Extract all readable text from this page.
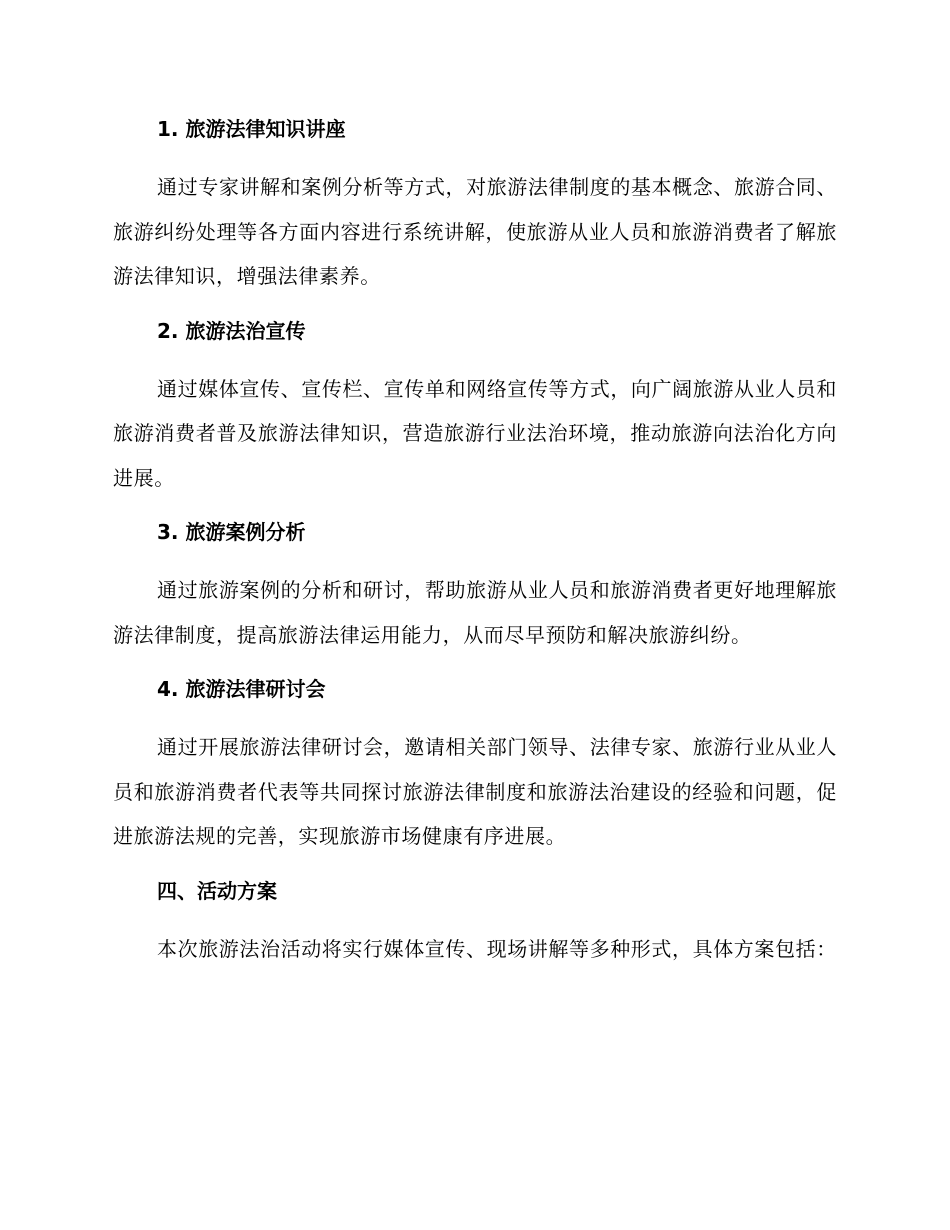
1. 旅游法律知识讲座

通过专家讲解和案例分析等方式，对旅游法律制度的基本概念、旅游合同、旅游纠纷处理等各方面内容进行系统讲解，使旅游从业人员和旅游消费者了解旅游法律知识，增强法律素养。

2. 旅游法治宣传

通过媒体宣传、宣传栏、宣传单和网络宣传等方式，向广阔旅游从业人员和旅游消费者普及旅游法律知识，营造旅游行业法治环境，推动旅游向法治化方向进展。

3. 旅游案例分析

通过旅游案例的分析和研讨，帮助旅游从业人员和旅游消费者更好地理解旅游法律制度，提高旅游法律运用能力，从而尽早预防和解决旅游纠纷。

4. 旅游法律研讨会

通过开展旅游法律研讨会，邀请相关部门领导、法律专家、旅游行业从业人员和旅游消费者代表等共同探讨旅游法律制度和旅游法治建设的经验和问题，促进旅游法规的完善，实现旅游市场健康有序进展。

四、活动方案

本次旅游法治活动将实行媒体宣传、现场讲解等多种形式，具体方案包括：
